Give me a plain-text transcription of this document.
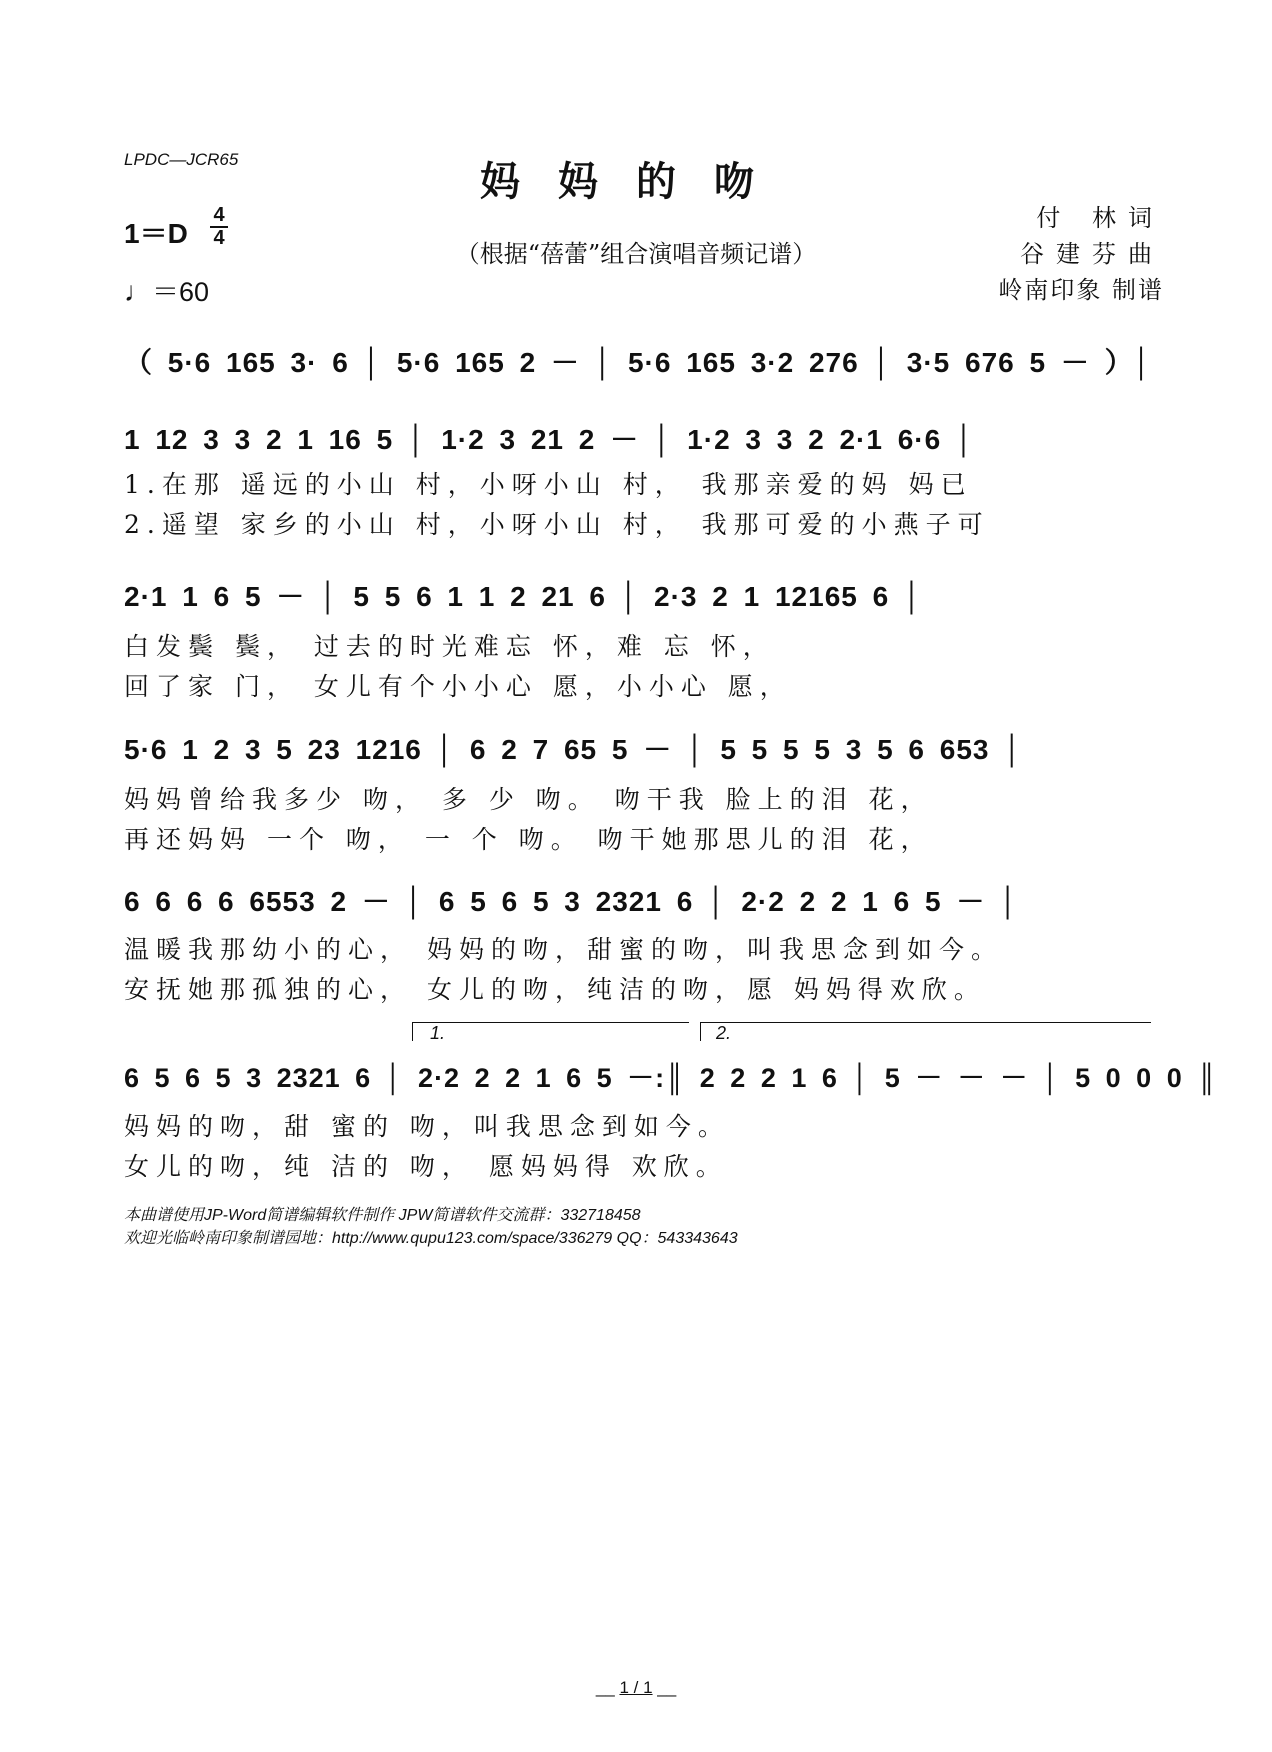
LPDC—JCR65	妈妈的吻
1＝D
4
4
♩＝60
（根据“蓓蕾”组合演唱音频记谱）
付 林词
谷建芬曲
岭南印象 制谱
（ 5·6 165 3· 6 │ 5·6 165 2 － │ 5·6 165 3·2 276 │ 3·5 676 5 － ）│
1 12 3 3 2 1 16 5 │ 1·2 3 21 2 － │ 1·2 3 3 2 2·1 6·6 │
1.在那 遥远的小山 村，小呀小山 村， 我那亲爱的妈 妈已
2.遥望 家乡的小山 村，小呀小山 村， 我那可爱的小燕子可
2·1 1 6 5 － │ 5 5 6 1 1 2 21 6 │ 2·3 2 1 12165 6 │
白发鬓 鬓， 过去的时光难忘 怀，难 忘 怀，
回了家 门， 女儿有个小小心 愿，小小心 愿，
5·6 1 2 3 5 23 1216 │ 6 2 7 65 5 － │ 5 5 5 5 3 5 6 653 │
妈妈曾给我多少 吻， 多 少 吻。 吻干我 脸上的泪 花，
再还妈妈 一个 吻， 一 个 吻。 吻干她那思儿的泪 花，
6 6 6 6 6553 2 － │ 6 5 6 5 3 2321 6 │ 2·2 2 2 1 6 5 － │
温暖我那幼小的心， 妈妈的吻，甜蜜的吻，叫我思念到如今。
安抚她那孤独的心， 女儿的吻，纯洁的吻，愿 妈妈得欢欣。
1.	2.
6 5 6 5 3 2321 6 │ 2·2 2 2 1 6 5 －:║ 2 2 2 1 6 │ 5 － － － │ 5 0 0 0 ║
妈妈的吻，甜 蜜的 吻，叫我思念到如今。
女儿的吻，纯 洁的 吻， 愿妈妈得 欢欣。
本曲谱使用JP-Word简谱编辑软件制作 JPW简谱软件交流群：332718458
欢迎光临岭南印象制谱园地：http://www.qupu123.com/space/336279 QQ：543343643
__ 1 / 1 __
